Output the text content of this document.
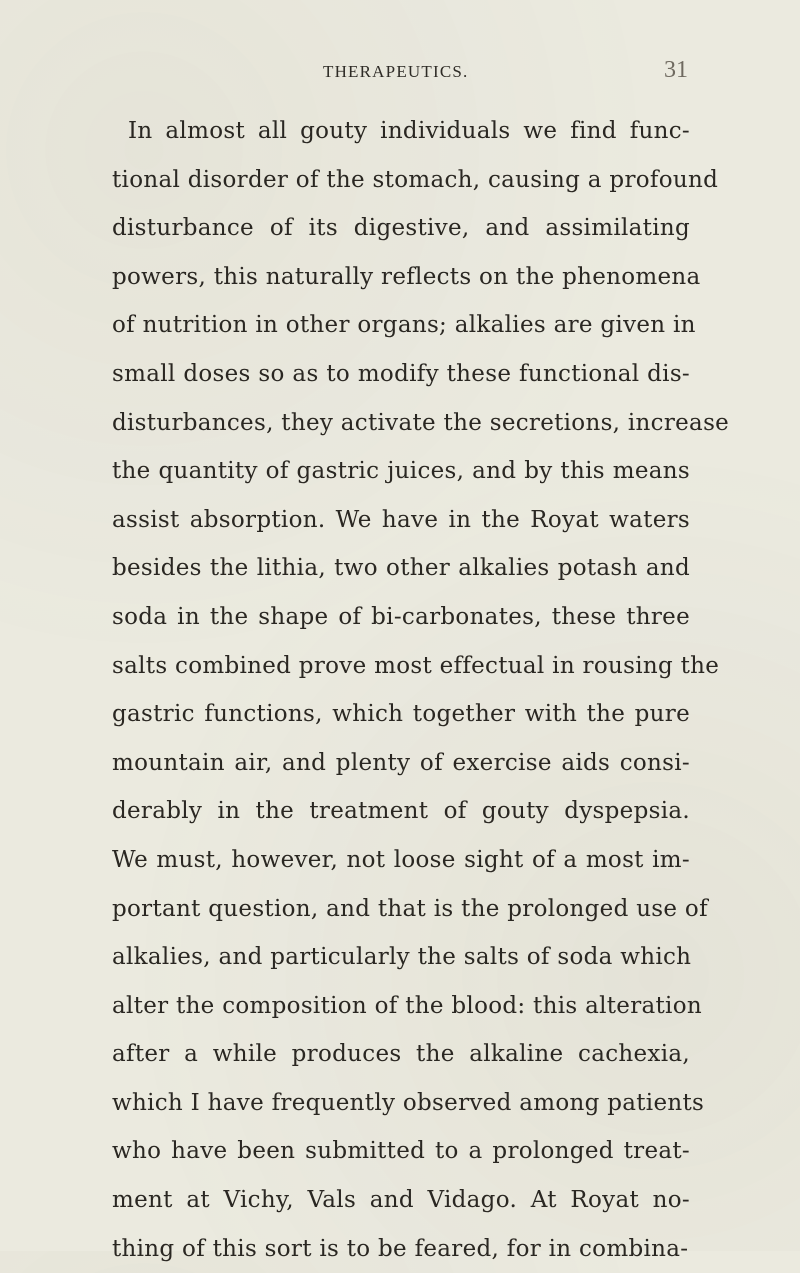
THERAPEUTICS.	31
In almost all gouty individuals we find func-
tional disorder of the stomach, causing a profound
disturbance of its digestive, and assimilating
powers, this naturally reflects on the phenomena
of nutrition in other organs; alkalies are given in
small doses so as to modify these functional dis-
disturbances, they activate the secretions, increase
the quantity of gastric juices, and by this means
assist absorption. We have in the Royat waters
besides the lithia, two other alkalies potash and
soda in the shape of bi-carbonates, these three
salts combined prove most effectual in rousing the
gastric functions, which together with the pure
mountain air, and plenty of exercise aids consi-
derably in the treatment of gouty dyspepsia.
We must, however, not loose sight of a most im-
portant question, and that is the prolonged use of
alkalies, and particularly the salts of soda which
alter the composition of the blood: this alteration
after a while produces the alkaline cachexia,
which I have frequently observed among patients
who have been submitted to a prolonged treat-
ment at Vichy, Vals and Vidago. At Royat no-
thing of this sort is to be feared, for in combina-
